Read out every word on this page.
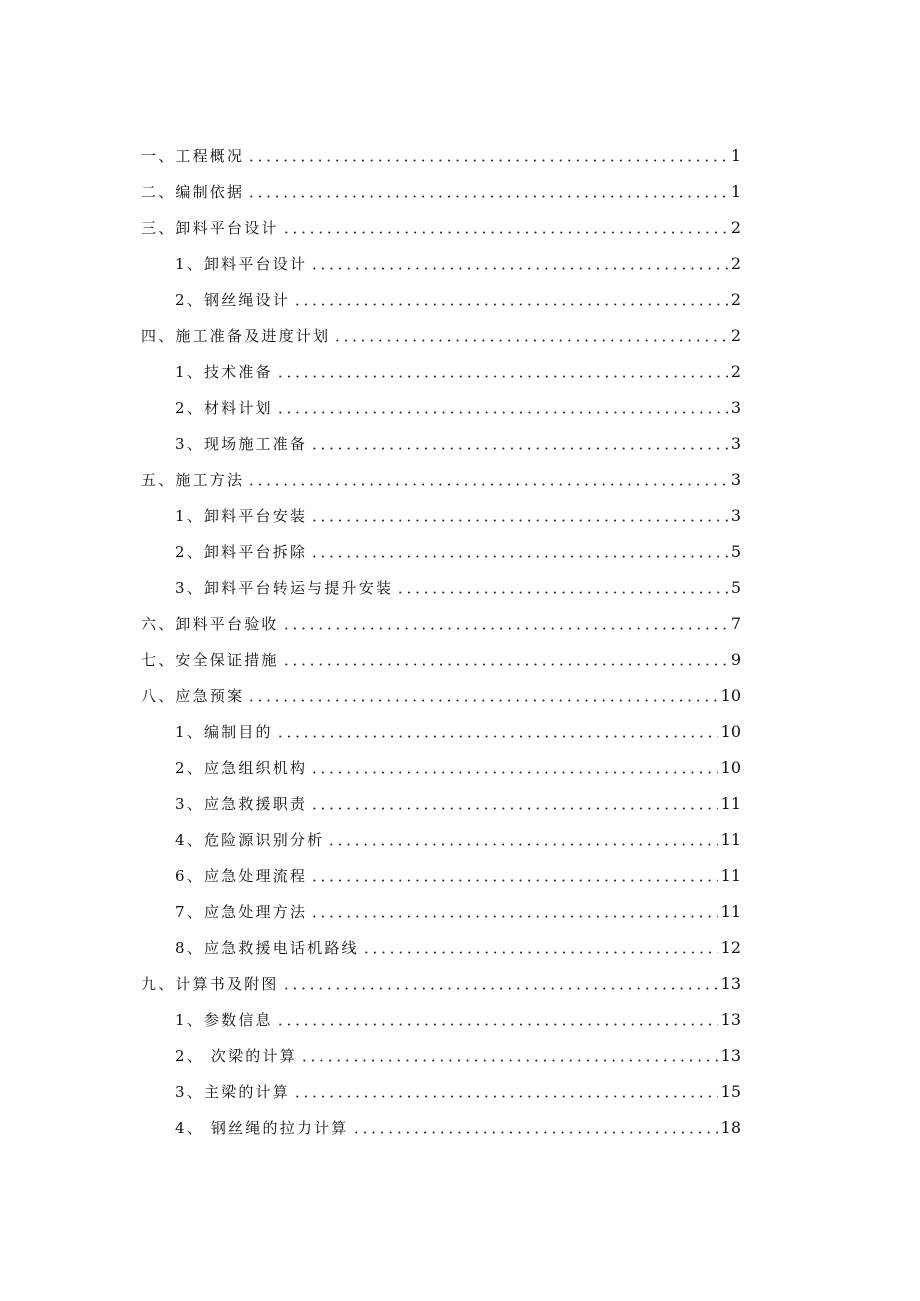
一、工程概况	1
二、编制依据	1
三、卸料平台设计	2
1、卸料平台设计	2
2、钢丝绳设计	2
四、施工准备及进度计划	2
1、技术准备	2
2、材料计划	3
3、现场施工准备	3
五、施工方法	3
1、卸料平台安装	3
2、卸料平台拆除	5
3、卸料平台转运与提升安装	5
六、卸料平台验收	7
七、安全保证措施	9
八、应急预案	10
1、编制目的	10
2、应急组织机构	10
3、应急救援职责	11
4、危险源识别分析	11
6、应急处理流程	11
7、应急处理方法	11
8、应急救援电话机路线	12
九、计算书及附图	13
1、参数信息	13
2、 次梁的计算	13
3、主梁的计算	15
4、 钢丝绳的拉力计算	18
